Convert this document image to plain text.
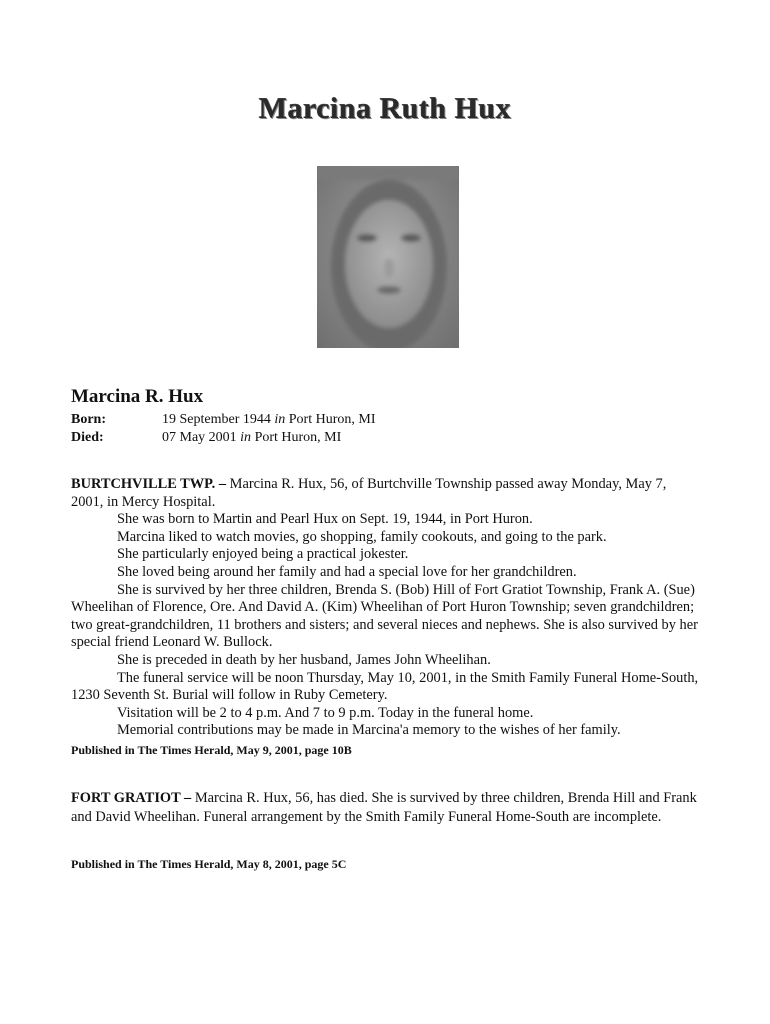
Marcina Ruth Hux
Marcina R. Hux
Born:	19 September 1944 in Port Huron, MI
Died:	07 May 2001 in Port Huron, MI

BURTCHVILLE TWP. – Marcina R. Hux, 56, of Burtchville Township passed away Monday, May 7, 2001, in Mercy Hospital.

She was born to Martin and Pearl Hux on Sept. 19, 1944, in Port Huron.

Marcina liked to watch movies, go shopping, family cookouts, and going to the park.

She particularly enjoyed being a practical jokester.

She loved being around her family and had a special love for her grandchildren.

She is survived by her three children, Brenda S. (Bob) Hill of Fort Gratiot Township, Frank A. (Sue) Wheelihan of Florence, Ore. And David A. (Kim) Wheelihan of Port Huron Township; seven grandchildren; two great-grandchildren, 11 brothers and sisters; and several nieces and nephews. She is also survived by her special friend Leonard W. Bullock.

She is preceded in death by her husband, James John Wheelihan.

The funeral service will be noon Thursday, May 10, 2001, in the Smith Family Funeral Home-South, 1230 Seventh St. Burial will follow in Ruby Cemetery.

Visitation will be 2 to 4 p.m. And 7 to 9 p.m. Today in the funeral home.

Memorial contributions may be made in Marcina'a memory to the wishes of her family.

Published in The Times Herald, May 9, 2001, page 10B

FORT GRATIOT – Marcina R. Hux, 56, has died. She is survived by three children, Brenda Hill and Frank and David Wheelihan. Funeral arrangement by the Smith Family Funeral Home-South are incomplete.

Published in The Times Herald, May 8, 2001, page 5C
